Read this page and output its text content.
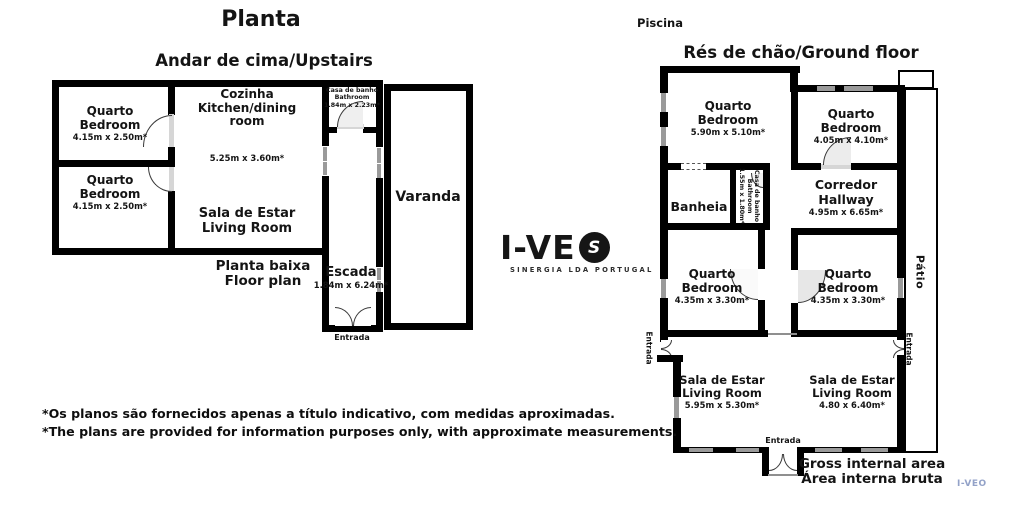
Planta
Andar de cima/Upstairs
Quarto
Bedroom
4.15m x 2.50m*
Quarto
Bedroom
4.15m x 2.50m*
Cozinha
Kitchen/dining
room
5.25m x 3.60m*
Casa de banho
Bathroom
1.84m x 2.23m*
Sala de Estar
Living Room
Escada
1.84m x 6.24m*
Entrada
Varanda
Planta baixa
Floor plan
I-VE S
SINERGIA LDA PORTUGAL
Piscina
Rés de chão/Ground floor
Quarto
Bedroom
5.90m x 5.10m*
Quarto
Bedroom
4.05m x 4.10m*
Banheia	Casa de banho
Bathroom
1.55m x 1.80m*	Corredor
Hallway
4.95m x 6.65m*
Quarto
Bedroom
4.35m x 3.30m*
Quarto
Bedroom
4.35m x 3.30m*
Sala de Estar
Living Room
5.95m x 5.30m*
Sala de Estar
Living Room
4.80 x 6.40m*
Pátio
Entrada	Entrada
Entrada
Gross internal area
Área interna bruta
*Os planos são fornecidos apenas a título indicativo, com medidas aproximadas.
*The plans are provided for information purposes only, with approximate measurements.
I-VEO
